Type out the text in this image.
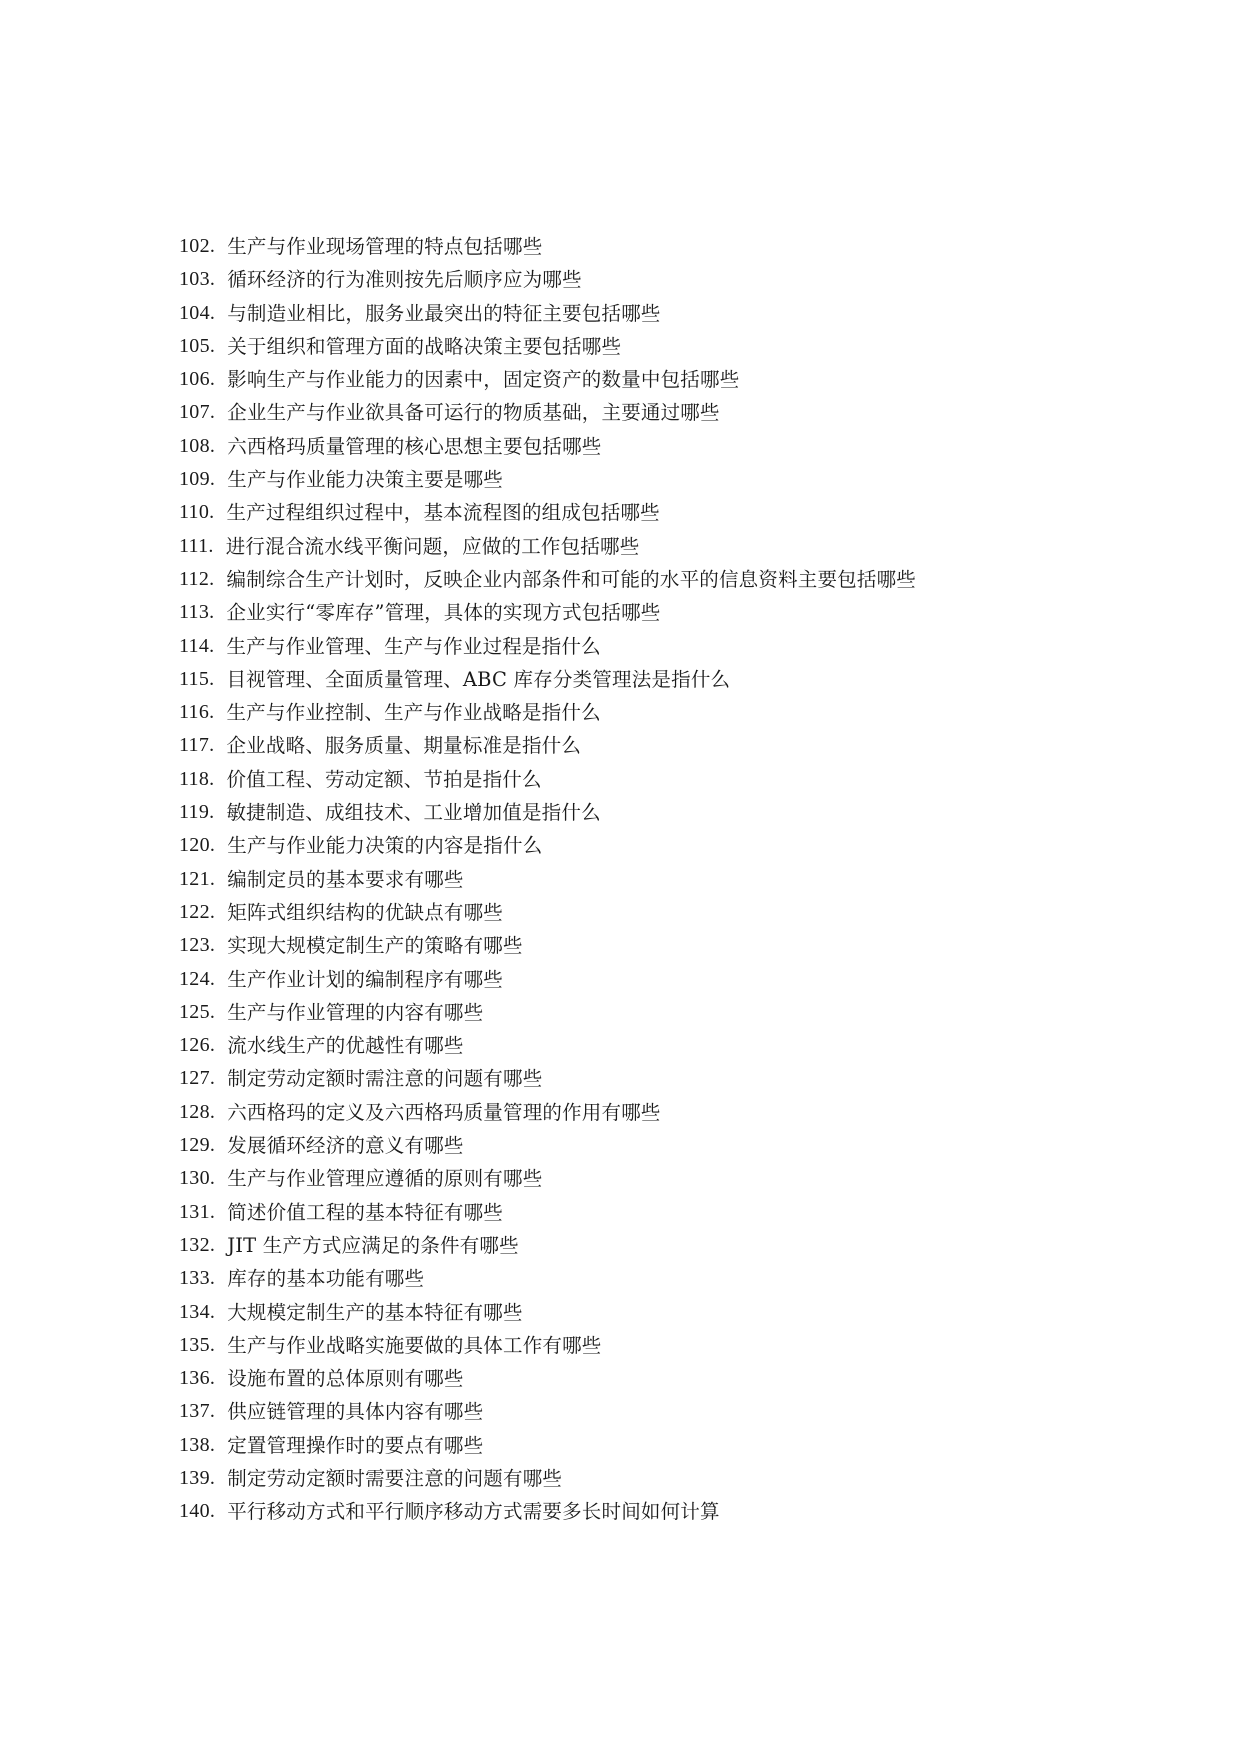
102. 生产与作业现场管理的特点包括哪些
103. 循环经济的行为准则按先后顺序应为哪些
104. 与制造业相比，服务业最突出的特征主要包括哪些
105. 关于组织和管理方面的战略决策主要包括哪些
106. 影响生产与作业能力的因素中，固定资产的数量中包括哪些
107. 企业生产与作业欲具备可运行的物质基础，主要通过哪些
108. 六西格玛质量管理的核心思想主要包括哪些
109. 生产与作业能力决策主要是哪些
110. 生产过程组织过程中，基本流程图的组成包括哪些
111. 进行混合流水线平衡问题，应做的工作包括哪些
112. 编制综合生产计划时，反映企业内部条件和可能的水平的信息资料主要包括哪些
113. 企业实行“零库存”管理，具体的实现方式包括哪些
114. 生产与作业管理、生产与作业过程是指什么
115. 目视管理、全面质量管理、ABC 库存分类管理法是指什么
116. 生产与作业控制、生产与作业战略是指什么
117. 企业战略、服务质量、期量标准是指什么
118. 价值工程、劳动定额、节拍是指什么
119. 敏捷制造、成组技术、工业增加值是指什么
120. 生产与作业能力决策的内容是指什么
121. 编制定员的基本要求有哪些
122. 矩阵式组织结构的优缺点有哪些
123. 实现大规模定制生产的策略有哪些
124. 生产作业计划的编制程序有哪些
125. 生产与作业管理的内容有哪些
126. 流水线生产的优越性有哪些
127. 制定劳动定额时需注意的问题有哪些
128. 六西格玛的定义及六西格玛质量管理的作用有哪些
129. 发展循环经济的意义有哪些
130. 生产与作业管理应遵循的原则有哪些
131. 简述价值工程的基本特征有哪些
132. JIT 生产方式应满足的条件有哪些
133. 库存的基本功能有哪些
134. 大规模定制生产的基本特征有哪些
135. 生产与作业战略实施要做的具体工作有哪些
136. 设施布置的总体原则有哪些
137. 供应链管理的具体内容有哪些
138. 定置管理操作时的要点有哪些
139. 制定劳动定额时需要注意的问题有哪些
140. 平行移动方式和平行顺序移动方式需要多长时间如何计算
